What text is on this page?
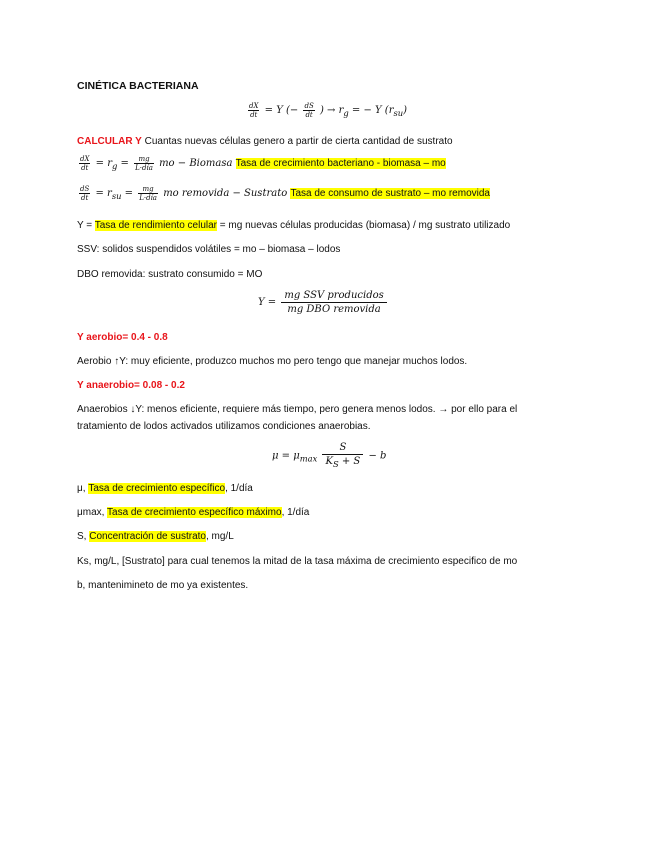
CINÉTICA BACTERIANA
$\frac{dX}{dt} = Y$ (− $\frac{dS}{dt}$ ) → $r_g$ = − Y $(r_{su})$
CALCULAR Y Cuantas nuevas células genero a partir de cierta cantidad de sustrato
$\frac{dX}{dt} = r_g = \frac{mg}{\text{L·día}}$ mo − Biomasa Tasa de crecimiento bacteriano - biomasa – mo
$\frac{dS}{dt} = r_{su} = \frac{mg}{\text{L·día}}$ mo removida − Sustrato Tasa de consumo de sustrato – mo removida
Y = Tasa de rendimiento celular = mg nuevas células producidas (biomasa) / mg sustrato utilizado
SSV: solidos suspendidos volátiles = mo – biomasa – lodos
DBO removida: sustrato consumido = MO
$Y = \frac{\text{mg SSV producidos}}{\text{mg DBO removida}}$
Y aerobio= 0.4 - 0.8
Aerobio ↑Y: muy eficiente, produzco muchos mo pero tengo que manejar muchos lodos.
Y anaerobio= 0.08 - 0.2
Anaerobios ↓Y: menos eficiente, requiere más tiempo, pero genera menos lodos. → por ello para el
tratamiento de lodos activados utilizamos condiciones anaerobias.
$\mu = \mu_{max} \frac{S}{K_S + S} - b$
μ, Tasa de crecimiento específico, 1/día
μmax, Tasa de crecimiento específico máximo, 1/día
S, Concentración de sustrato, mg/L
Ks, mg/L, [Sustrato] para cual tenemos la mitad de la tasa máxima de crecimiento especifico de mo
b, mantenimineto de mo ya existentes.
